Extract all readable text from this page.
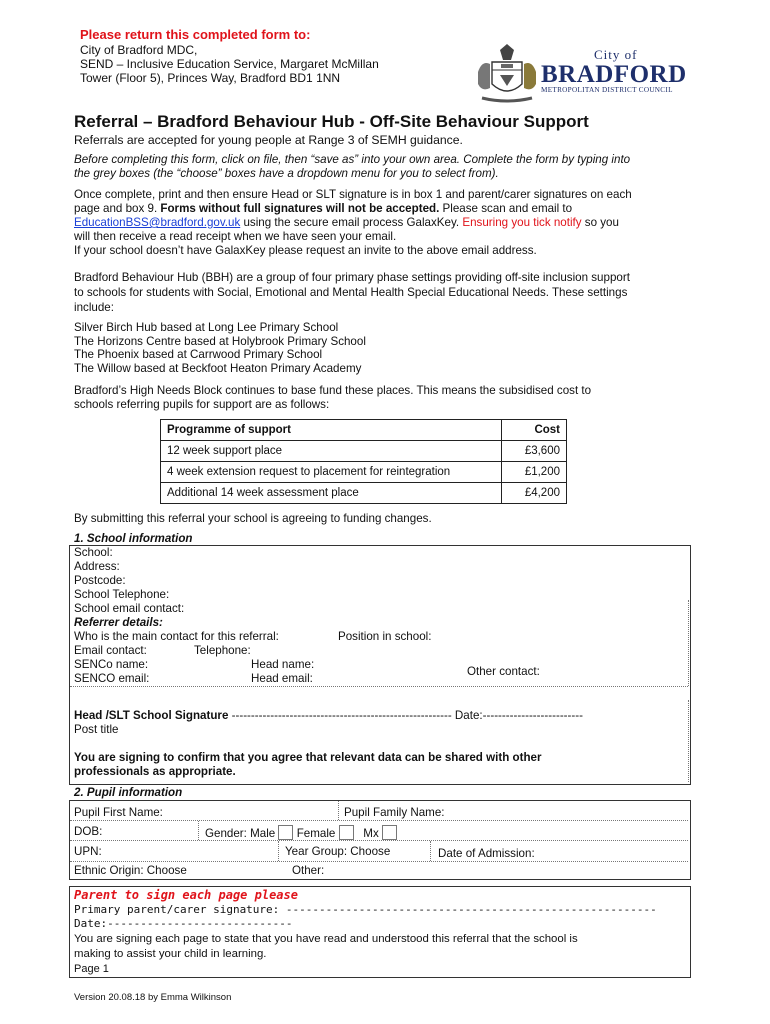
Please return this completed form to:
City of Bradford MDC,
SEND – Inclusive Education Service, Margaret McMillan
Tower (Floor 5), Princes Way, Bradford BD1 1NN
City of
BRADFORD
METROPOLITAN DISTRICT COUNCIL
Referral – Bradford Behaviour Hub - Off-Site Behaviour Support
Referrals are accepted for young people at Range 3 of SEMH guidance.
Before completing this form, click on file, then “save as” into your own area. Complete the form by typing into
the grey boxes (the “choose” boxes have a dropdown menu for you to select from).
Once complete, print and then ensure Head or SLT signature is in box 1 and parent/carer signatures on each
page and box 9. Forms without full signatures will not be accepted. Please scan and email to
EducationBSS@bradford.gov.uk using the secure email process GalaxKey. Ensuring you tick notify so you
will then receive a read receipt when we have seen your email.
If your school doesn’t have GalaxKey please request an invite to the above email address.
Bradford Behaviour Hub (BBH) are a group of four primary phase settings providing off-site inclusion support
to schools for students with Social, Emotional and Mental Health Special Educational Needs. These settings
include:
Silver Birch Hub based at Long Lee Primary School
The Horizons Centre based at Holybrook Primary School
The Phoenix based at Carrwood Primary School
The Willow based at Beckfoot Heaton Primary Academy
Bradford’s High Needs Block continues to base fund these places. This means the subsidised cost to
schools referring pupils for support are as follows:
Programme of support	Cost
12 week support place	£3,600
4 week extension request to placement for reintegration	£1,200
Additional 14 week assessment place	£4,200
By submitting this referral your school is agreeing to funding changes.
1. School information
School:
Address:
Postcode:
School Telephone:
School email contact:
Referrer details:
Who is the main contact for this referral:	Position in school:
Email contact:	Telephone:
SENCo name:	Head name:
SENCO email:	Head email:
Other contact:
Head /SLT School Signature --------------------------------------------------------- Date:--------------------------
Post title
You are signing to confirm that you agree that relevant data can be shared with other
professionals as appropriate.
2. Pupil information
Pupil First Name:	Pupil Family Name:
DOB:	Gender: Male Female Mx
UPN:	Year Group: Choose	Date of Admission:
Ethnic Origin: Choose	Other:
Parent to sign each page please
Primary parent/carer signature: --------------------------------------------------------
Date:----------------------------
You are signing each page to state that you have read and understood this referral that the school is
making to assist your child in learning.
Page 1
Version 20.08.18 by Emma Wilkinson
